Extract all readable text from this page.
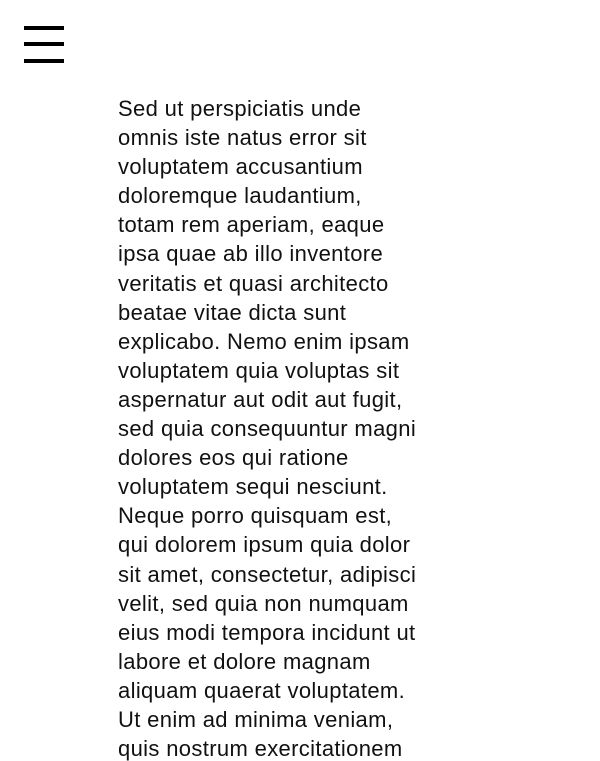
Sed ut perspiciatis unde
omnis iste natus error sit
voluptatem accusantium
doloremque laudantium,
totam rem aperiam, eaque
ipsa quae ab illo inventore
veritatis et quasi architecto
beatae vitae dicta sunt
explicabo. Nemo enim ipsam
voluptatem quia voluptas sit
aspernatur aut odit aut fugit,
sed quia consequuntur magni
dolores eos qui ratione
voluptatem sequi nesciunt.
Neque porro quisquam est,
qui dolorem ipsum quia dolor
sit amet, consectetur, adipisci
velit, sed quia non numquam
eius modi tempora incidunt ut
labore et dolore magnam
aliquam quaerat voluptatem.
Ut enim ad minima veniam,
quis nostrum exercitationem
